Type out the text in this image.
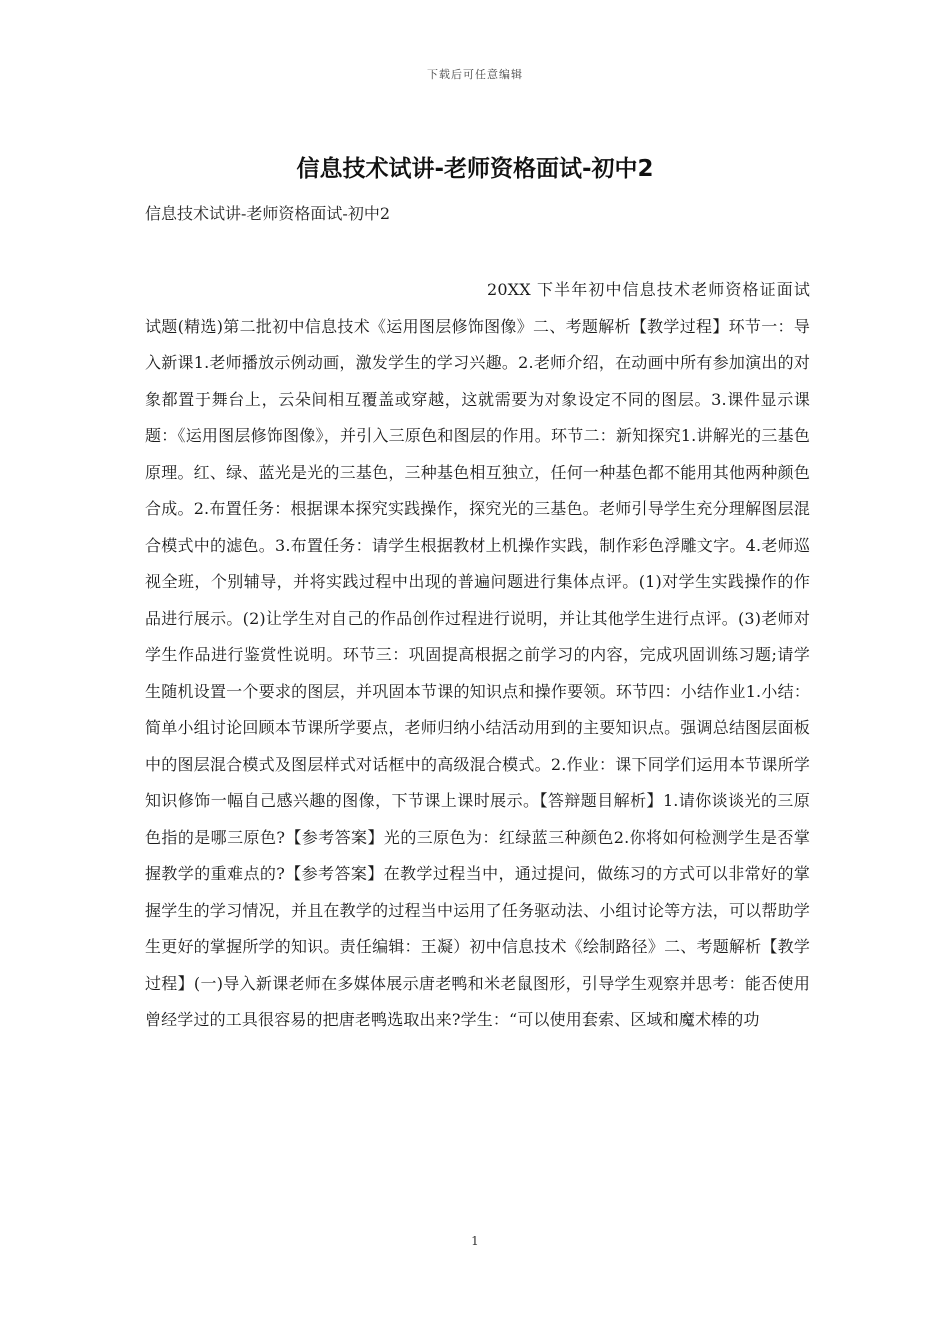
下载后可任意编辑
信息技术试讲-老师资格面试-初中2
信息技术试讲-老师资格面试-初中2
20XX 下半年初中信息技术老师资格证面试试题(精选)第二批初中信息技术《运用图层修饰图像》二、考题解析【教学过程】环节一：导入新课1.老师播放示例动画，激发学生的学习兴趣。2.老师介绍，在动画中所有参加演出的对象都置于舞台上，云朵间相互覆盖或穿越，这就需要为对象设定不同的图层。3.课件显示课题：《运用图层修饰图像》，并引入三原色和图层的作用。环节二：新知探究1.讲解光的三基色原理。红、绿、蓝光是光的三基色，三种基色相互独立，任何一种基色都不能用其他两种颜色合成。2.布置任务：根据课本探究实践操作，探究光的三基色。老师引导学生充分理解图层混合模式中的滤色。3.布置任务：请学生根据教材上机操作实践，制作彩色浮雕文字。4.老师巡视全班，个别辅导，并将实践过程中出现的普遍问题进行集体点评。(1)对学生实践操作的作品进行展示。(2)让学生对自己的作品创作过程进行说明，并让其他学生进行点评。(3)老师对学生作品进行鉴赏性说明。环节三：巩固提高根据之前学习的内容，完成巩固训练习题;请学生随机设置一个要求的图层，并巩固本节课的知识点和操作要领。环节四：小结作业1.小结：简单小组讨论回顾本节课所学要点，老师归纳小结活动用到的主要知识点。强调总结图层面板中的图层混合模式及图层样式对话框中的高级混合模式。2.作业：课下同学们运用本节课所学知识修饰一幅自己感兴趣的图像，下节课上课时展示。【答辩题目解析】1.请你谈谈光的三原色指的是哪三原色?【参考答案】光的三原色为：红绿蓝三种颜色2.你将如何检测学生是否掌握教学的重难点的?【参考答案】在教学过程当中，通过提问，做练习的方式可以非常好的掌握学生的学习情况，并且在教学的过程当中运用了任务驱动法、小组讨论等方法，可以帮助学生更好的掌握所学的知识。责任编辑：王凝）初中信息技术《绘制路径》二、考题解析【教学过程】(一)导入新课老师在多媒体展示唐老鸭和米老鼠图形，引导学生观察并思考：能否使用曾经学过的工具很容易的把唐老鸭选取出来?学生：“可以使用套索、区域和魔术棒的功
1
